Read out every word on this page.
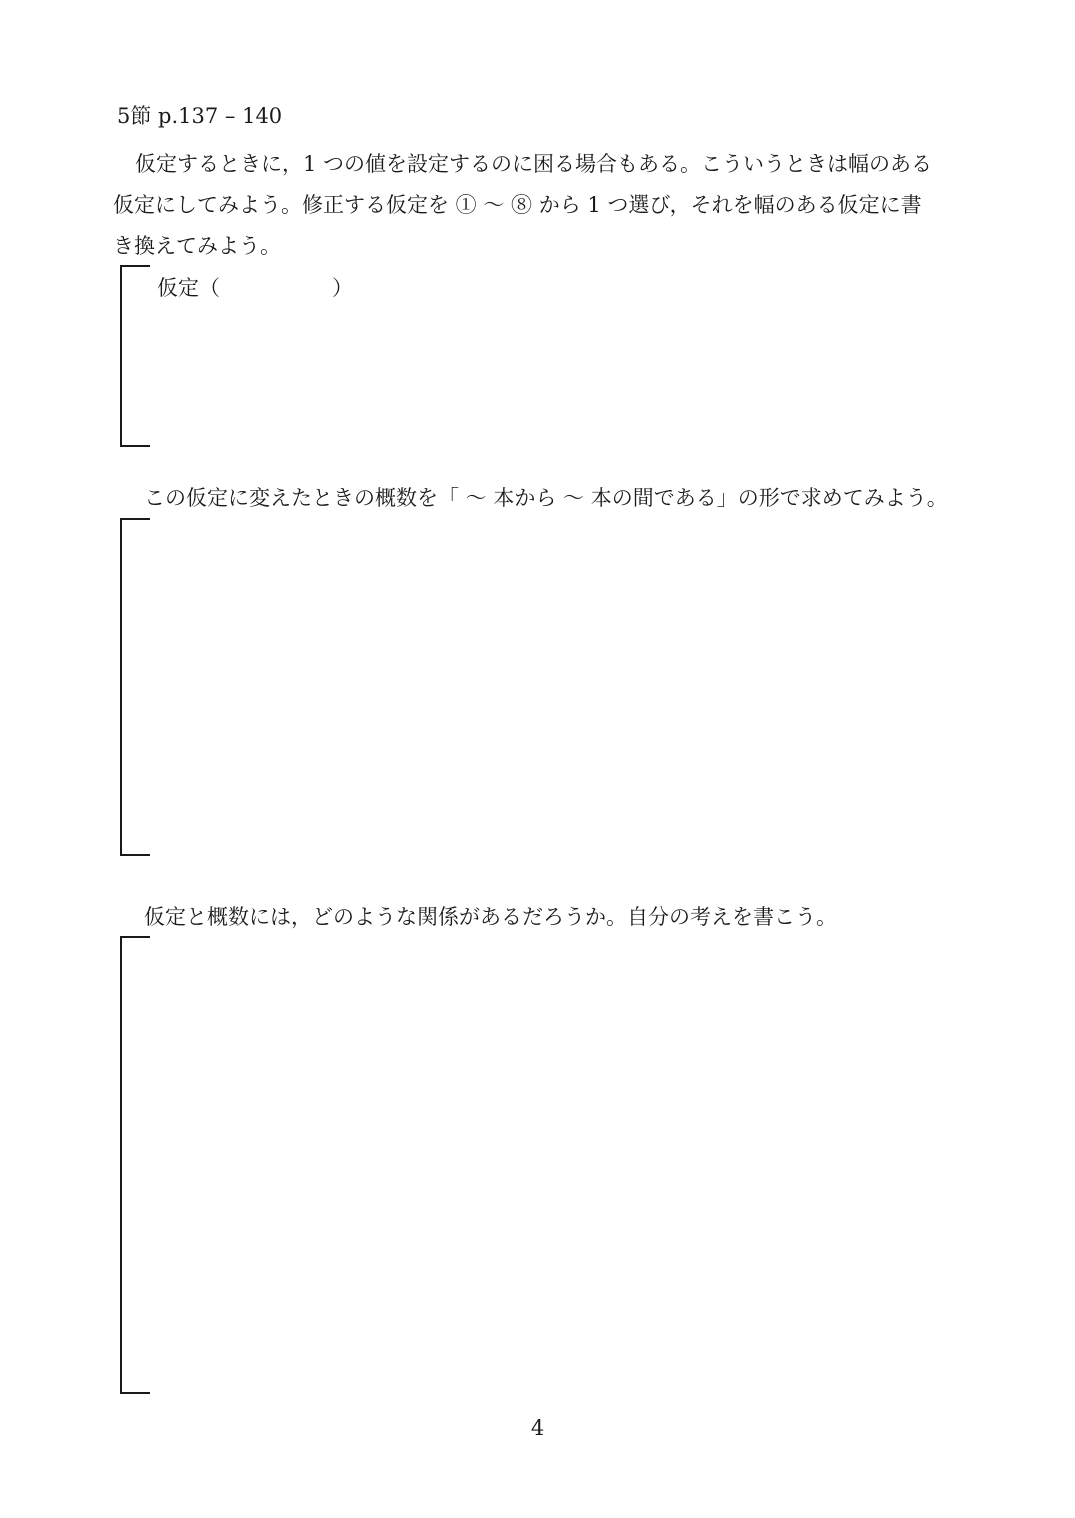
5節 p.137 – 140
仮定するときに，1 つの値を設定するのに困る場合もある。こういうときは幅のある
仮定にしてみよう。修正する仮定を ① 〜 ⑧ から 1 つ選び，それを幅のある仮定に書
き換えてみよう。
仮定（	）
この仮定に変えたときの概数を「 〜 本から 〜 本の間である」の形で求めてみよう。
仮定と概数には，どのような関係があるだろうか。自分の考えを書こう。
4
